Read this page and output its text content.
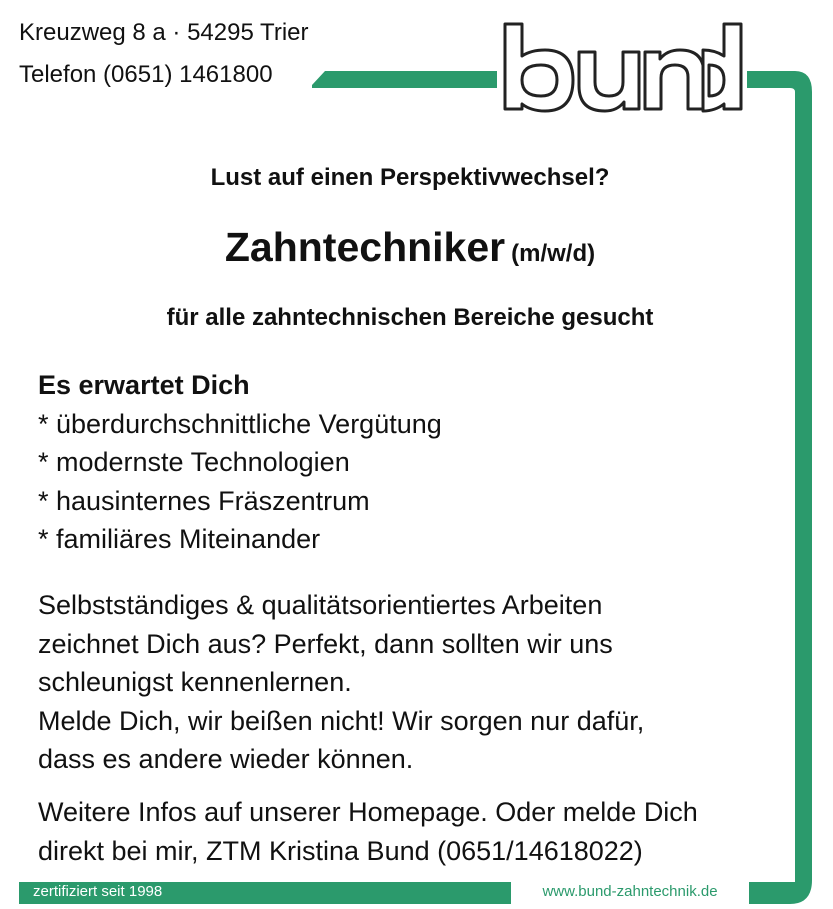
Kreuzweg 8 a · 54295 Trier
Telefon (0651) 1461800
Lust auf einen Perspektivwechsel?
Zahntechniker (m/w/d)
für alle zahntechnischen Bereiche gesucht
Es erwartet Dich
* überdurchschnittliche Vergütung
* modernste Technologien
* hausinternes Fräszentrum
* familiäres Miteinander
Selbstständiges & qualitätsorientiertes Arbeiten
zeichnet Dich aus? Perfekt, dann sollten wir uns
schleunigst kennenlernen.
Melde Dich, wir beißen nicht! Wir sorgen nur dafür,
dass es andere wieder können.
Weitere Infos auf unserer Homepage. Oder melde Dich
direkt bei mir, ZTM Kristina Bund (0651/14618022)
zertifiziert seit 1998	www.bund-zahntechnik.de
